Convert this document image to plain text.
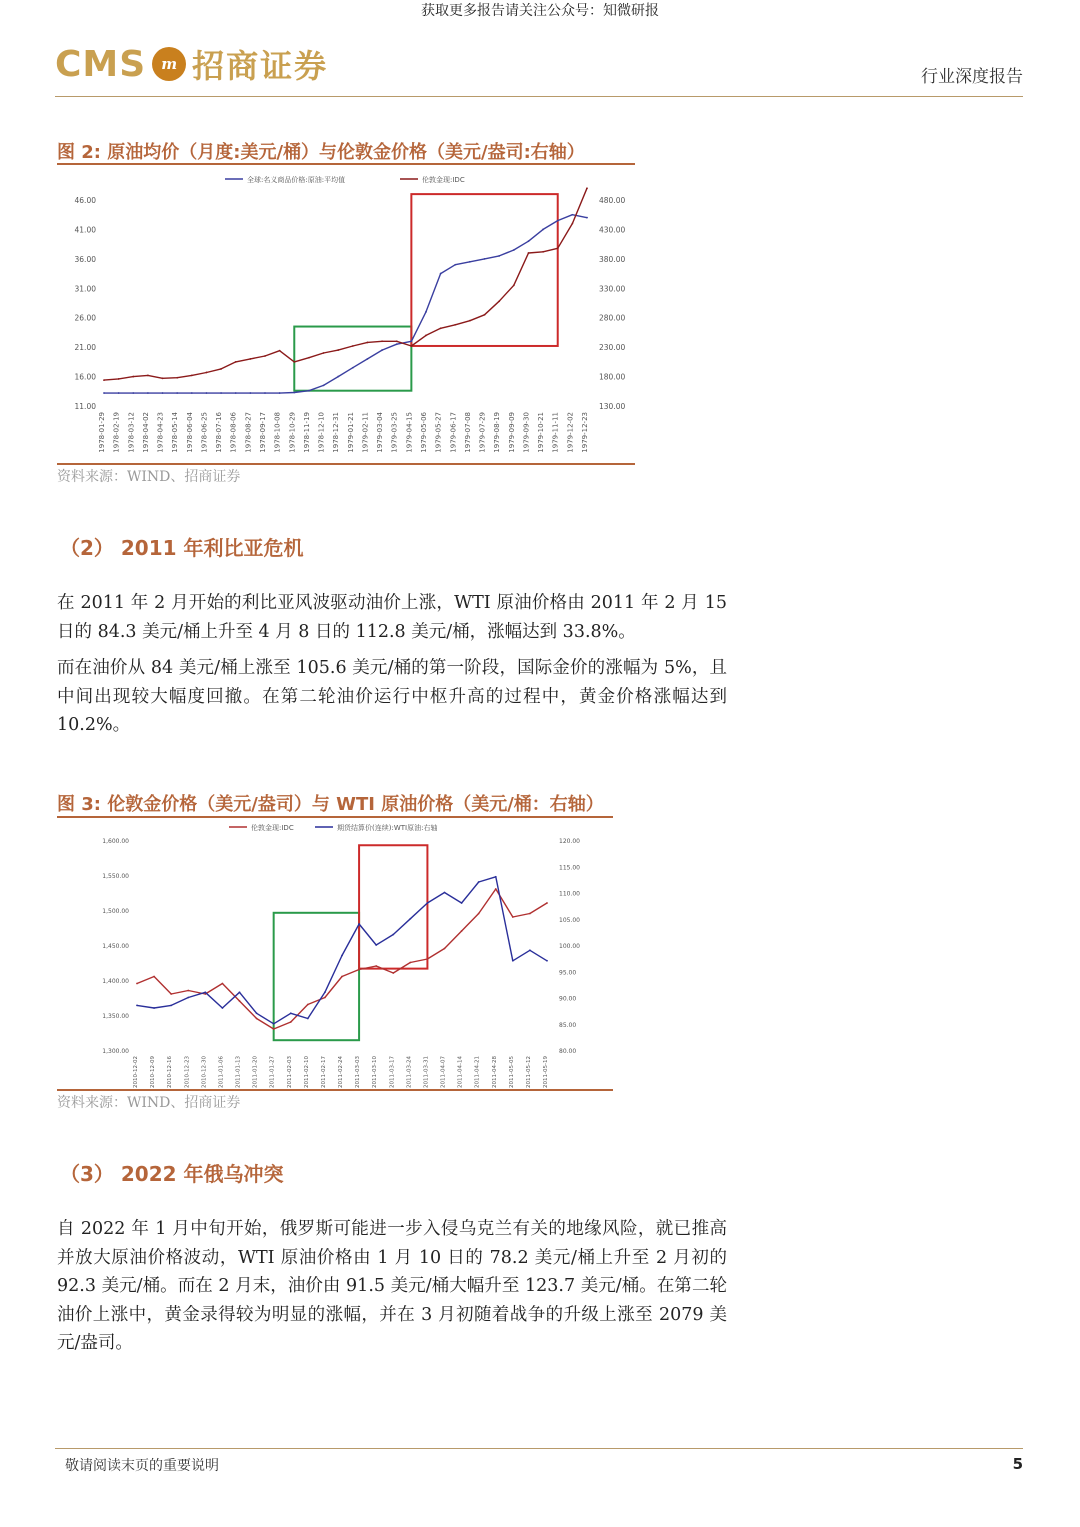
获取更多报告请关注公众号：知微研报
CMS	m 招商证券	行业深度报告
图 2: 原油均价（月度:美元/桶）与伦敦金价格（美元/盎司:右轴）
全球:名义商品价格:原油:平均值	伦敦金现:IDC
46.00
41.00
36.00
31.00
26.00
21.00
16.00
11.00
480.00
430.00
380.00
330.00
280.00
230.00
180.00
130.00
1978-01-29 1978-02-19 1978-03-12 1978-04-02 1978-04-23 1978-05-14 1978-06-04 1978-06-25 1978-07-16 1978-08-06 1978-08-27 1978-09-17 1978-10-08 1978-10-29 1978-11-19 1978-12-10 1978-12-31 1979-01-21 1979-02-11 1979-03-04 1979-03-25 1979-04-15 1979-05-06 1979-05-27 1979-06-17 1979-07-08 1979-07-29 1979-08-19 1979-09-09 1979-09-30 1979-10-21 1979-11-11 1979-12-02 1979-12-23
资料来源：WIND、招商证券
（2） 2011 年利比亚危机

在 2011 年 2 月开始的利比亚风波驱动油价上涨，WTI 原油价格由 2011 年 2 月 15 日的 84.3 美元/桶上升至 4 月 8 日的 112.8 美元/桶，涨幅达到 33.8%。

而在油价从 84 美元/桶上涨至 105.6 美元/桶的第一阶段，国际金价的涨幅为 5%，且中间出现较大幅度回撤。在第二轮油价运行中枢升高的过程中，黄金价格涨幅达到 10.2%。

图 3: 伦敦金价格（美元/盎司）与 WTI 原油价格（美元/桶：右轴）
伦敦金现:IDC	期货结算价(连续):WTI原油:右轴
1,600.00
1,550.00
1,500.00
1,450.00
1,400.00
1,350.00
1,300.00
120.00
115.00
110.00
105.00
100.00
95.00
90.00
85.00
80.00
2010-12-02 2010-12-09 2010-12-16 2010-12-23 2010-12-30 2011-01-06 2011-01-13 2011-01-20 2011-01-27 2011-02-03 2011-02-10 2011-02-17 2011-02-24 2011-03-03 2011-03-10 2011-03-17 2011-03-24 2011-03-31 2011-04-07 2011-04-14 2011-04-21 2011-04-28 2011-05-05 2011-05-12 2011-05-19
资料来源：WIND、招商证券
（3） 2022 年俄乌冲突

自 2022 年 1 月中旬开始，俄罗斯可能进一步入侵乌克兰有关的地缘风险，就已推高并放大原油价格波动，WTI 原油价格由 1 月 10 日的 78.2 美元/桶上升至 2 月初的 92.3 美元/桶。而在 2 月末，油价由 91.5 美元/桶大幅升至 123.7 美元/桶。在第二轮油价上涨中，黄金录得较为明显的涨幅，并在 3 月初随着战争的升级上涨至 2079 美元/盎司。

敬请阅读末页的重要说明	5
